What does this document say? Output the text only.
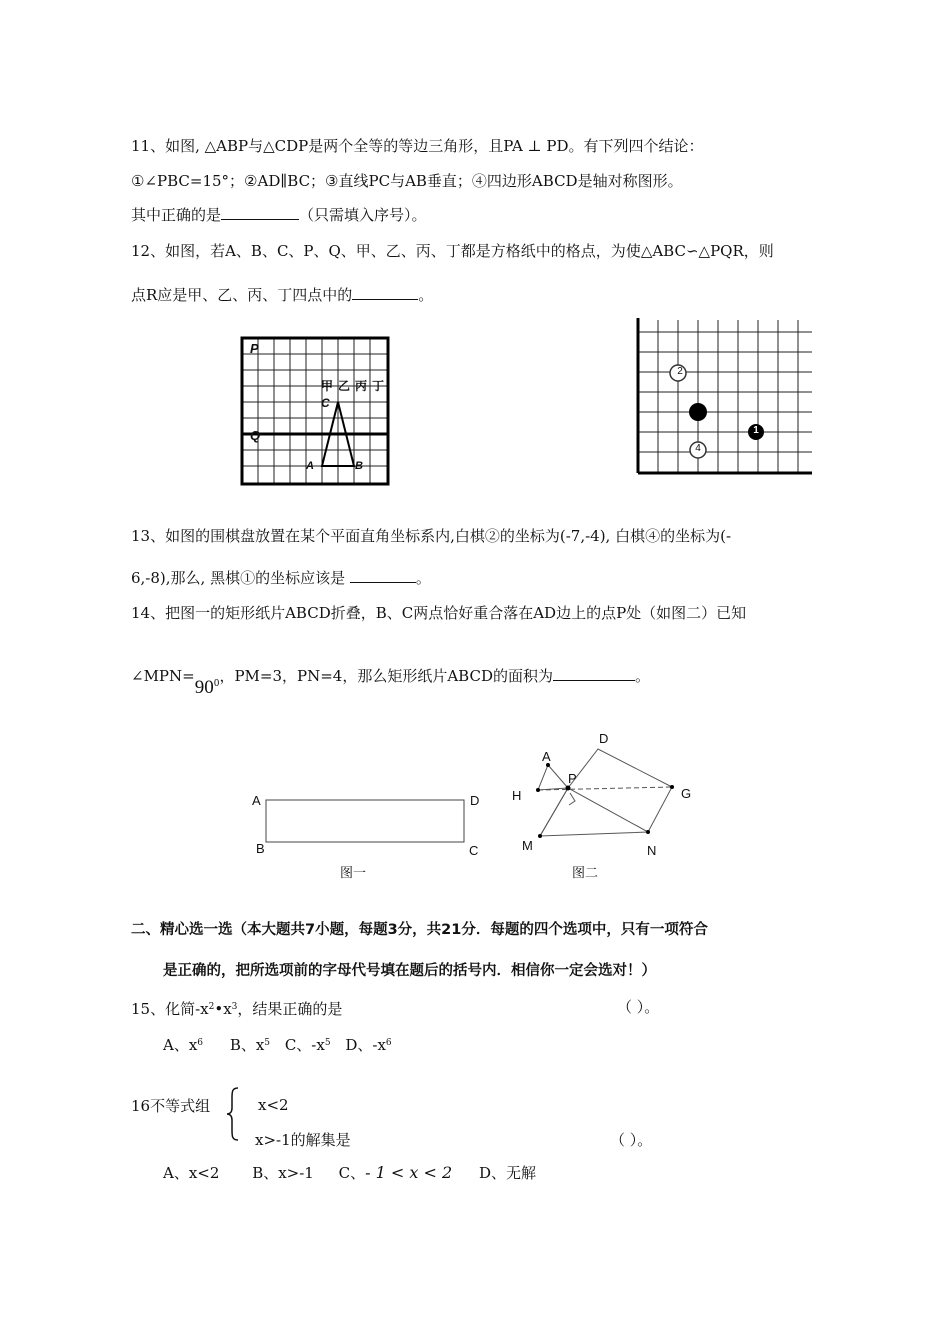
11、如图, △ABP与△CDP是两个全等的等边三角形，且PA ⊥ PD。有下列四个结论：
①∠PBC=15°；②AD∥BC；③直线PC与AB垂直；④四边形ABCD是轴对称图形。
其中正确的是	（只需填入序号）。
12、如图，若A、B、C、P、Q、甲、乙、丙、丁都是方格纸中的格点，为使△ABC∽△PQR，则
点R应是甲、乙、丙、丁四点中的	。
P
Q
C
A	B
甲 乙 丙 丁
2
1
4
13、如图的围棋盘放置在某个平面直角坐标系内,白棋②的坐标为(-7,-4), 白棋④的坐标为(-
6,-8),那么, 黑棋①的坐标应该是	。
14、把图一的矩形纸片ABCD折叠，B、C两点恰好重合落在AD边上的点P处（如图二）已知
$\angle MPN=90^0$，PM=3，PN=4，那么矩形纸片ABCD的面积为	。
A	D
B	C
图一
A
D
P
H	G
M	N
图二
二、精心选一选（本大题共7小题，每题3分，共21分．每题的四个选项中，只有一项符合
是正确的，把所选项前的字母代号填在题后的括号内．相信你一定会选对！）
15、化简$-x^2•x^3$，结果正确的是	（ ）。
A、$x^6$ B、$x^5$ C、$-x^5$ D、$-x^6$
16不等式组	x<2
x>-1的解集是	（ ）。
A、x<2 B、x>-1 C、- 1 < x < 2 D、无解
